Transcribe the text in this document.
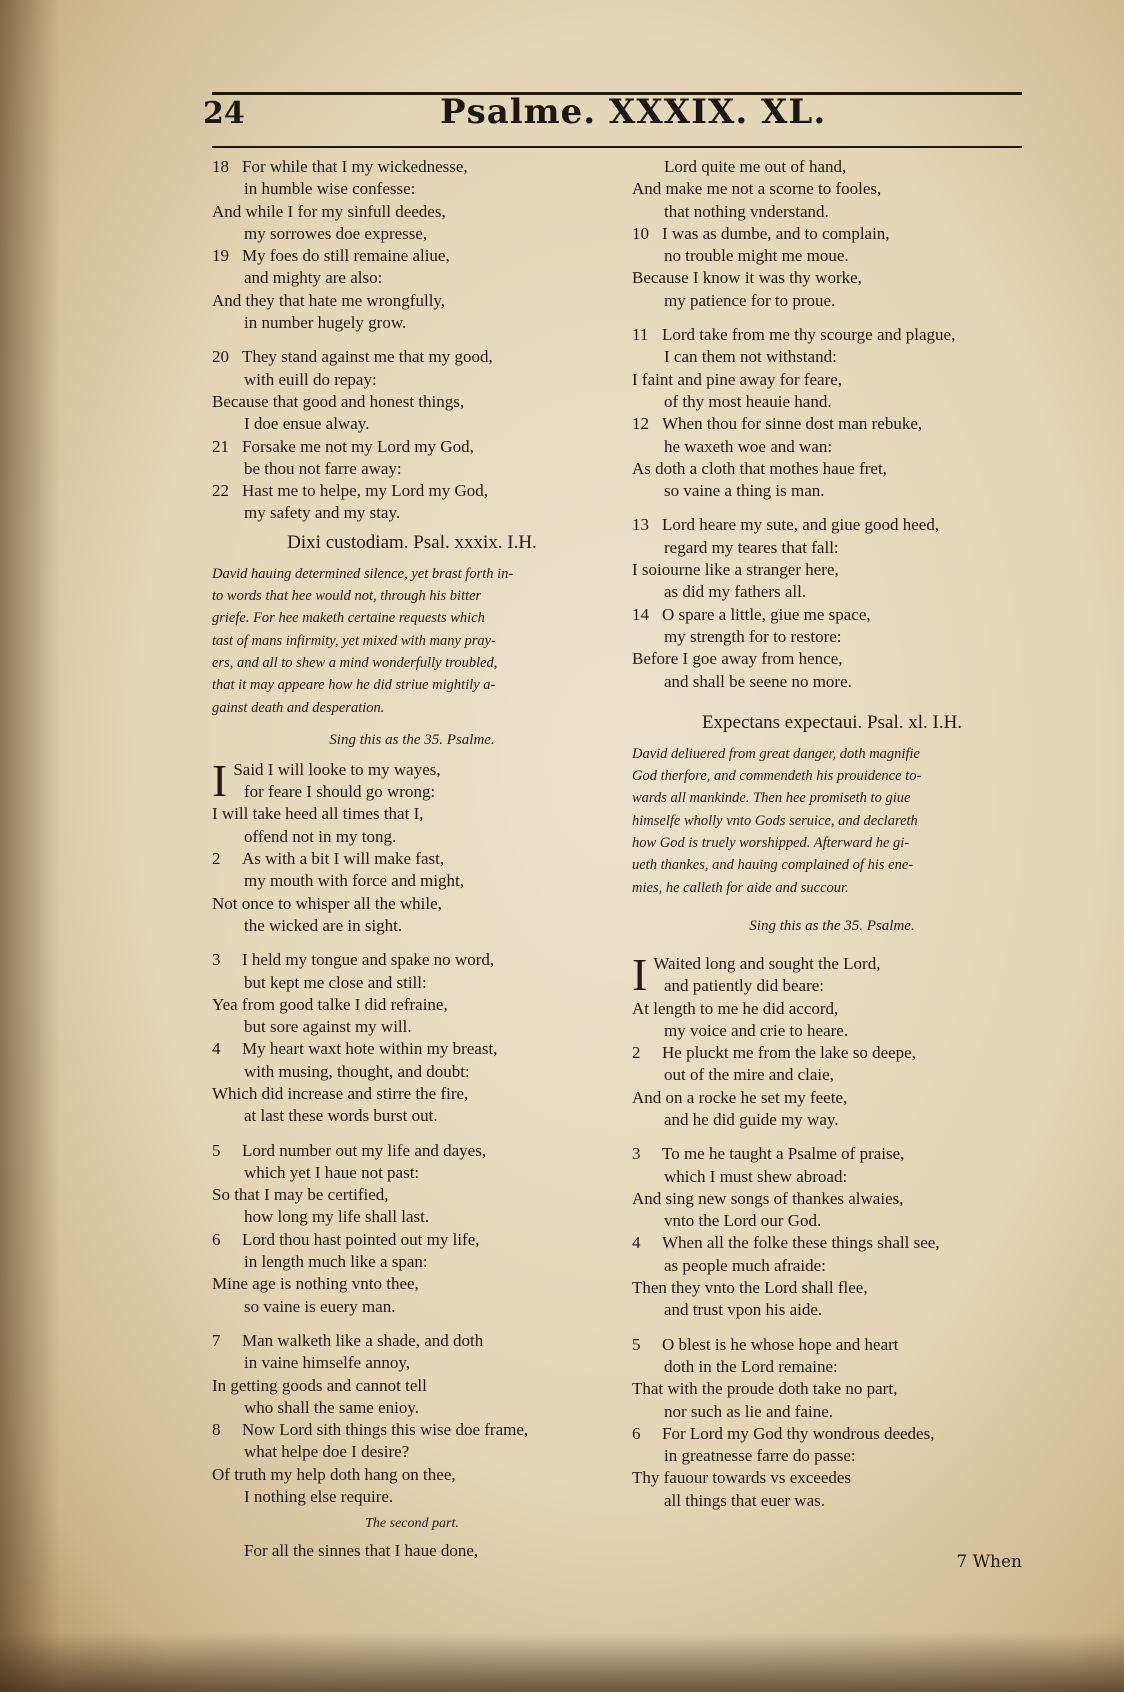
24	Psalme. XXXIX. XL.
18 For while that I my wickednesse,
in humble wise confesse:
And while I for my sinfull deedes,
my sorrowes doe expresse,
19 My foes do still remaine aliue,
and mighty are also:
And they that hate me wrongfully,
in number hugely grow.
20 They stand against me that my good,
with euill do repay:
Because that good and honest things,
I doe ensue alway.
21 Forsake me not my Lord my God,
be thou not farre away:
22 Hast me to helpe, my Lord my God,
my safety and my stay.
Dixi custodiam. Psal. xxxix. I.H.
David hauing determined silence, yet brast forth in-
to words that hee would not, through his bitter
griefe. For hee maketh certaine requests which
tast of mans infirmity, yet mixed with many pray-
ers, and all to shew a mind wonderfully troubled,
that it may appeare how he did striue mightily a-
gainst death and desperation.
Sing this as the 35. Psalme.
I Said I will looke to my wayes,
for feare I should go wrong:
I will take heed all times that I,
offend not in my tong.
2 As with a bit I will make fast,
my mouth with force and might,
Not once to whisper all the while,
the wicked are in sight.
3 I held my tongue and spake no word,
but kept me close and still:
Yea from good talke I did refraine,
but sore against my will.
4 My heart waxt hote within my breast,
with musing, thought, and doubt:
Which did increase and stirre the fire,
at last these words burst out.
5 Lord number out my life and dayes,
which yet I haue not past:
So that I may be certified,
how long my life shall last.
6 Lord thou hast pointed out my life,
in length much like a span:
Mine age is nothing vnto thee,
so vaine is euery man.
7 Man walketh like a shade, and doth
in vaine himselfe annoy,
In getting goods and cannot tell
who shall the same enioy.
8 Now Lord sith things this wise doe frame,
what helpe doe I desire?
Of truth my help doth hang on thee,
I nothing else require.
The second part.
For all the sinnes that I haue done,
Lord quite me out of hand,
And make me not a scorne to fooles,
that nothing vnderstand.
10 I was as dumbe, and to complain,
no trouble might me moue.
Because I know it was thy worke,
my patience for to proue.
11 Lord take from me thy scourge and plague,
I can them not withstand:
I faint and pine away for feare,
of thy most heauie hand.
12 When thou for sinne dost man rebuke,
he waxeth woe and wan:
As doth a cloth that mothes haue fret,
so vaine a thing is man.
13 Lord heare my sute, and giue good heed,
regard my teares that fall:
I soiourne like a stranger here,
as did my fathers all.
14 O spare a little, giue me space,
my strength for to restore:
Before I goe away from hence,
and shall be seene no more.
Expectans expectaui. Psal. xl. I.H.
David deliuered from great danger, doth magnifie
God therfore, and commendeth his prouidence to-
wards all mankinde. Then hee promiseth to giue
himselfe wholly vnto Gods seruice, and declareth
how God is truely worshipped. Afterward he gi-
ueth thankes, and hauing complained of his ene-
mies, he calleth for aide and succour.
Sing this as the 35. Psalme.
I Waited long and sought the Lord,
and patiently did beare:
At length to me he did accord,
my voice and crie to heare.
2 He pluckt me from the lake so deepe,
out of the mire and claie,
And on a rocke he set my feete,
and he did guide my way.
3 To me he taught a Psalme of praise,
which I must shew abroad:
And sing new songs of thankes alwaies,
vnto the Lord our God.
4 When all the folke these things shall see,
as people much afraide:
Then they vnto the Lord shall flee,
and trust vpon his aide.
5 O blest is he whose hope and heart
doth in the Lord remaine:
That with the proude doth take no part,
nor such as lie and faine.
6 For Lord my God thy wondrous deedes,
in greatnesse farre do passe:
Thy fauour towards vs exceedes
all things that euer was.
7 When
